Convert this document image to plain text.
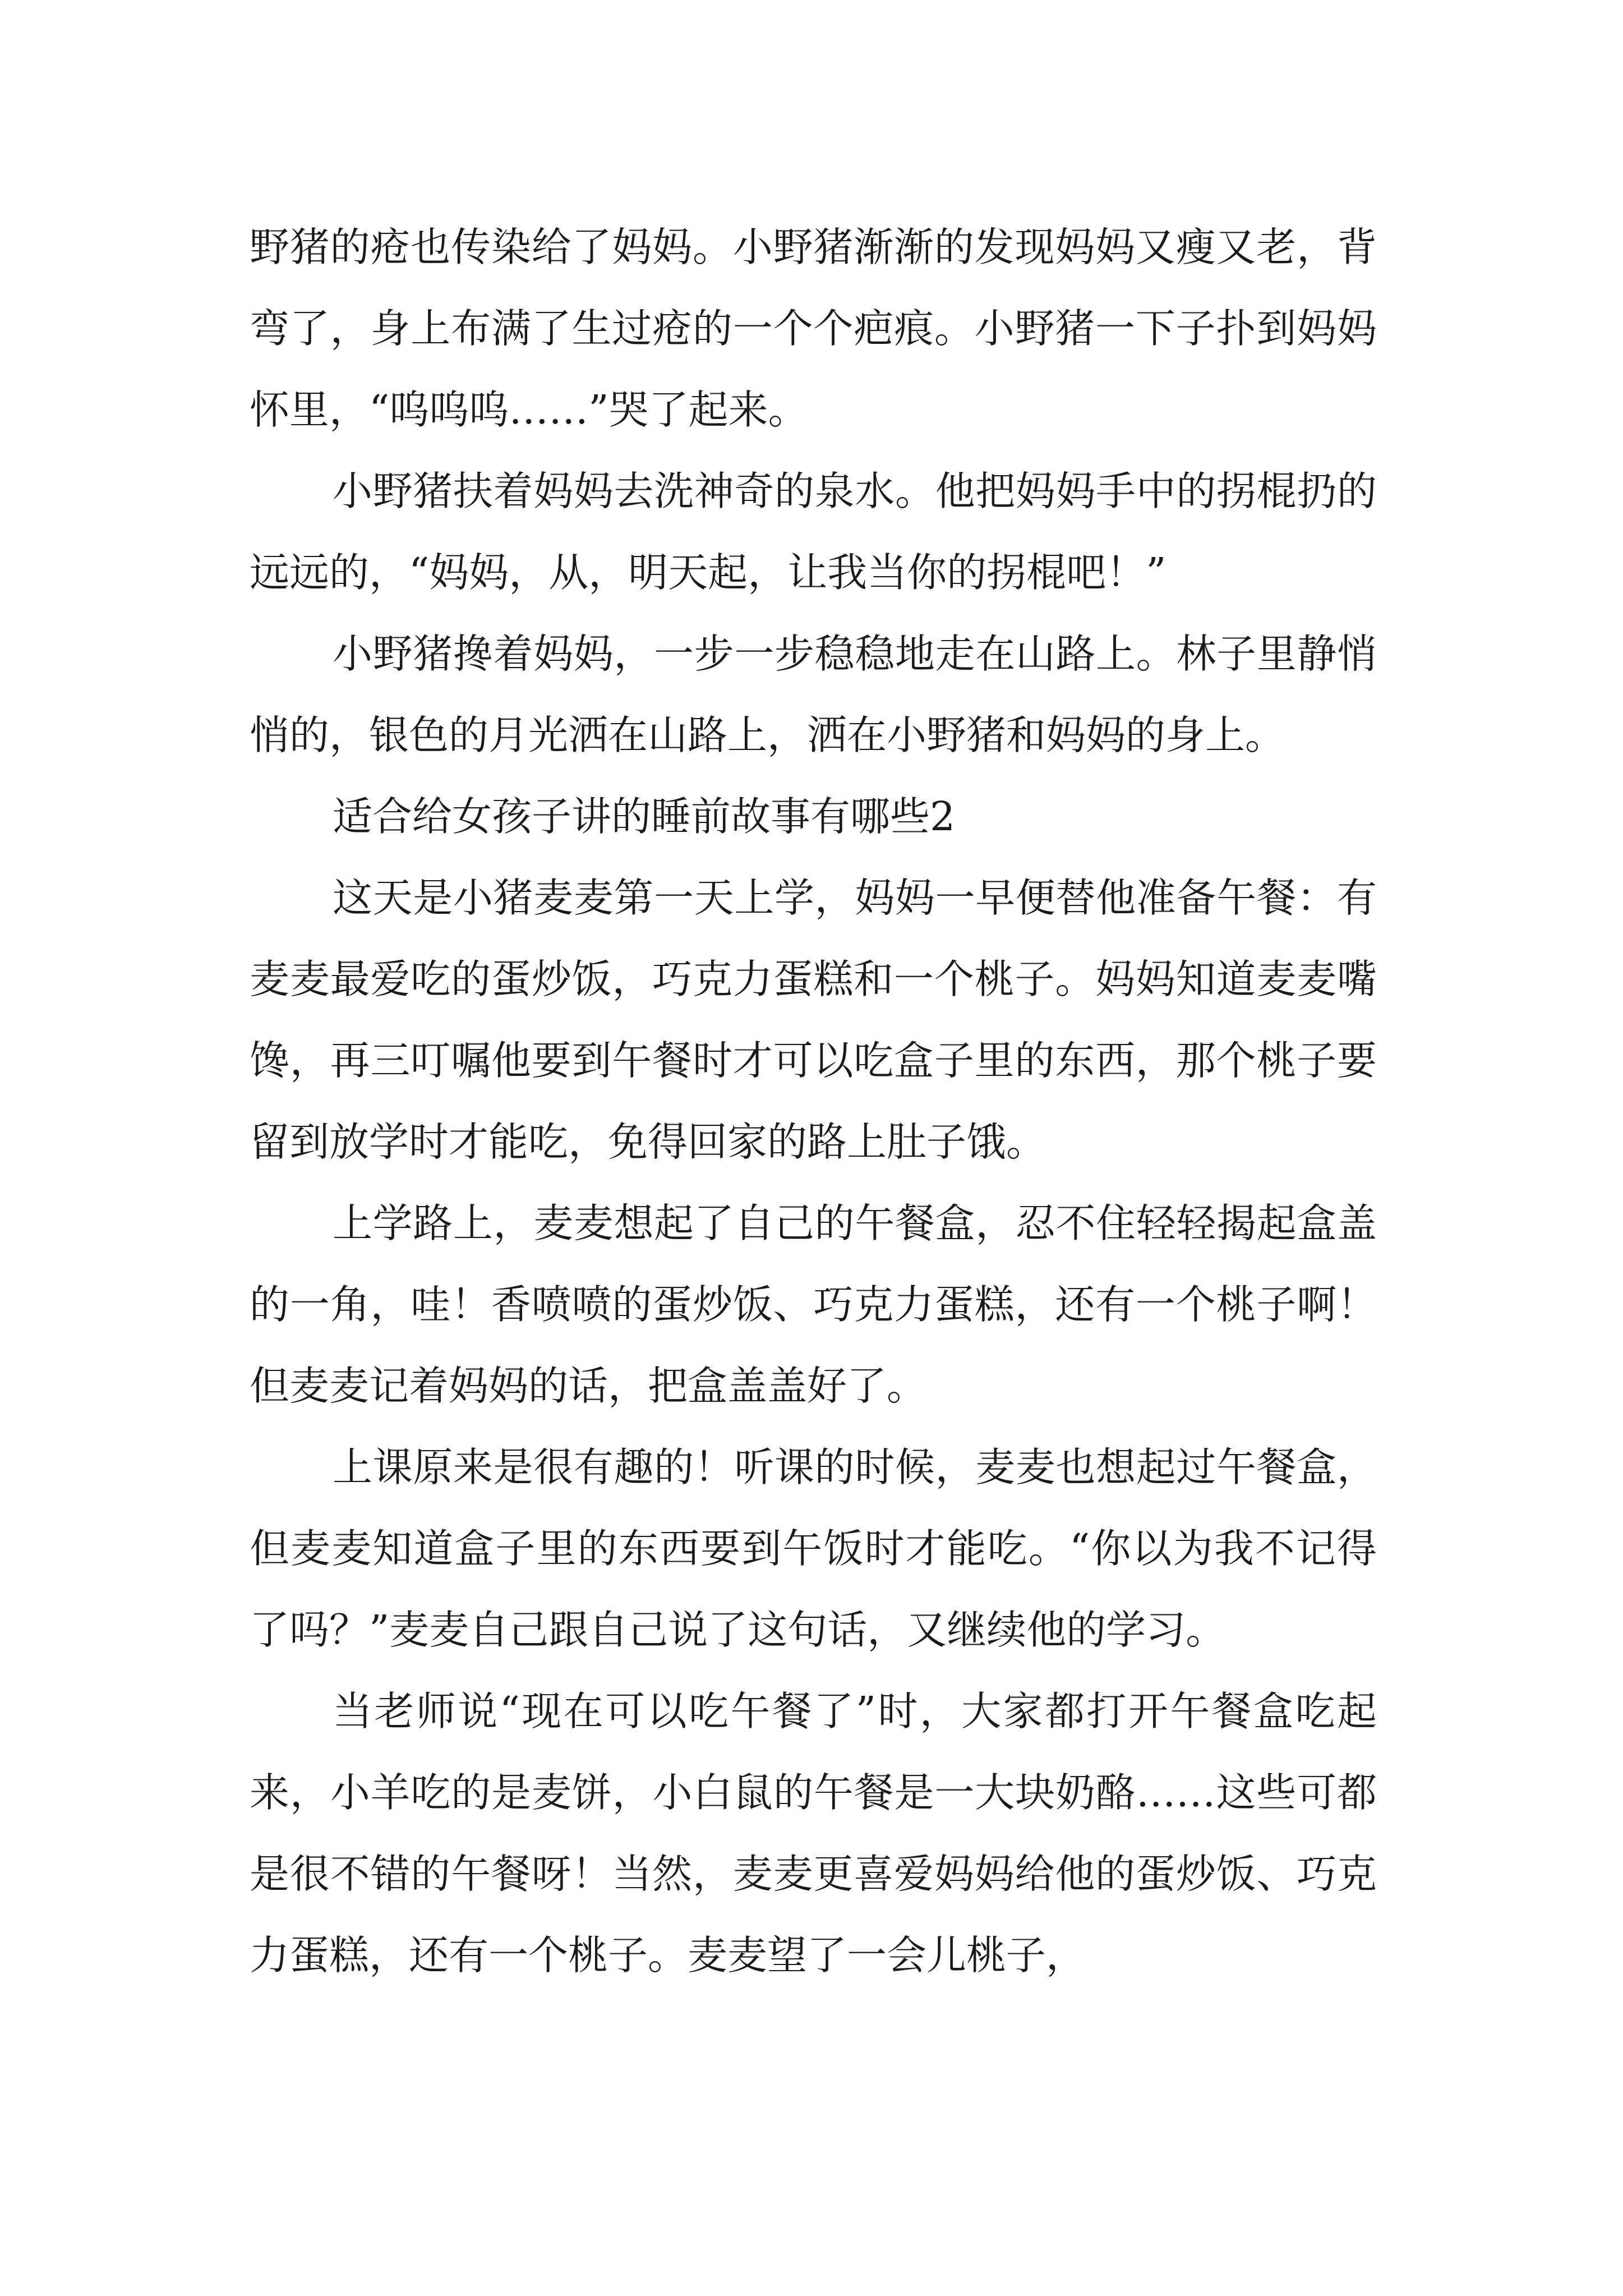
野猪的疮也传染给了妈妈。小野猪渐渐的发现妈妈又瘦又老，背弯了，身上布满了生过疮的一个个疤痕。小野猪一下子扑到妈妈怀里，“呜呜呜……”哭了起来。

小野猪扶着妈妈去洗神奇的泉水。他把妈妈手中的拐棍扔的远远的，“妈妈，从，明天起，让我当你的拐棍吧！”

小野猪搀着妈妈，一步一步稳稳地走在山路上。林子里静悄悄的，银色的月光洒在山路上，洒在小野猪和妈妈的身上。

适合给女孩子讲的睡前故事有哪些2

这天是小猪麦麦第一天上学，妈妈一早便替他准备午餐：有麦麦最爱吃的蛋炒饭，巧克力蛋糕和一个桃子。妈妈知道麦麦嘴馋，再三叮嘱他要到午餐时才可以吃盒子里的东西，那个桃子要留到放学时才能吃，免得回家的路上肚子饿。

上学路上，麦麦想起了自己的午餐盒，忍不住轻轻揭起盒盖的一角，哇！香喷喷的蛋炒饭、巧克力蛋糕，还有一个桃子啊！但麦麦记着妈妈的话，把盒盖盖好了。

上课原来是很有趣的！听课的时候，麦麦也想起过午餐盒，但麦麦知道盒子里的东西要到午饭时才能吃。“你以为我不记得了吗？”麦麦自己跟自己说了这句话，又继续他的学习。

当老师说“现在可以吃午餐了”时，大家都打开午餐盒吃起来，小羊吃的是麦饼，小白鼠的午餐是一大块奶酪……这些可都是很不错的午餐呀！当然，麦麦更喜爱妈妈给他的蛋炒饭、巧克力蛋糕，还有一个桃子。麦麦望了一会儿桃子，
